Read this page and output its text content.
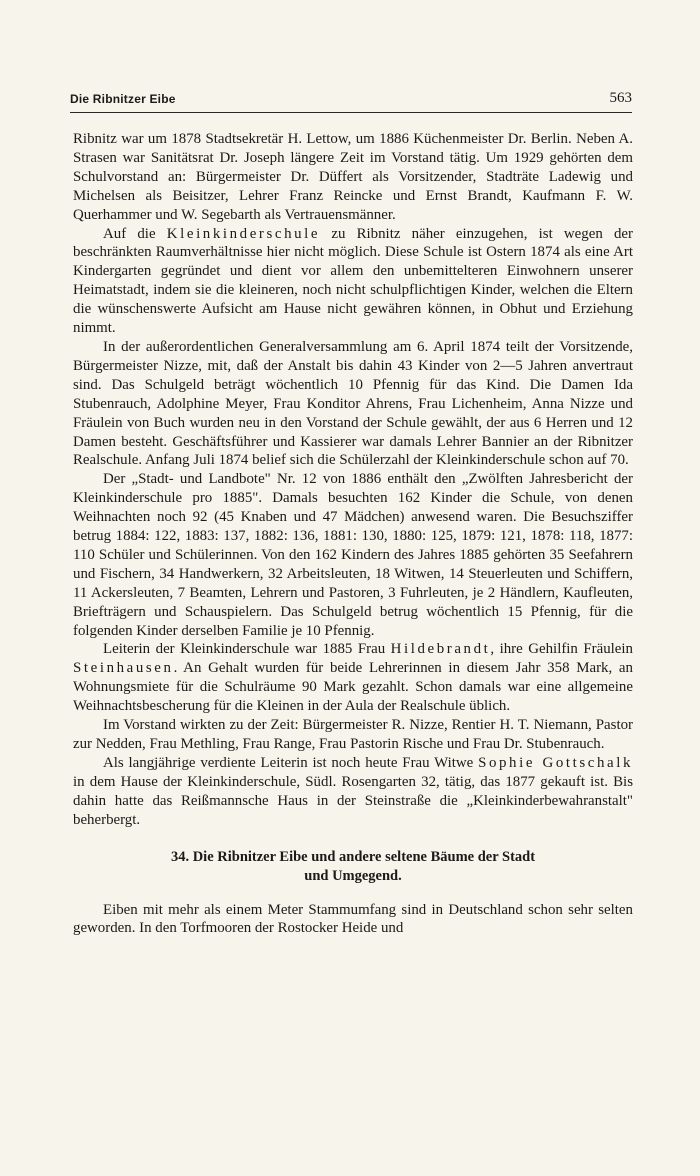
Die Ribnitzer Eibe	563

Ribnitz war um 1878 Stadtsekretär H. Lettow, um 1886 Küchenmeister Dr. Berlin. Neben A. Strasen war Sanitätsrat Dr. Joseph längere Zeit im Vorstand tätig. Um 1929 gehörten dem Schulvorstand an: Bürgermeister Dr. Düffert als Vorsitzender, Stadträte Ladewig und Michelsen als Beisitzer, Lehrer Franz Reincke und Ernst Brandt, Kaufmann F. W. Querhammer und W. Segebarth als Vertrauensmänner.

Auf die Kleinkinderschule zu Ribnitz näher einzugehen, ist wegen der beschränkten Raumverhältnisse hier nicht möglich. Diese Schule ist Ostern 1874 als eine Art Kindergarten gegründet und dient vor allem den unbemittelteren Einwohnern unserer Heimatstadt, indem sie die kleineren, noch nicht schulpflichtigen Kinder, welchen die Eltern die wünschenswerte Aufsicht am Hause nicht gewähren können, in Obhut und Erziehung nimmt.

In der außerordentlichen Generalversammlung am 6. April 1874 teilt der Vorsitzende, Bürgermeister Nizze, mit, daß der Anstalt bis dahin 43 Kinder von 2—5 Jahren anvertraut sind. Das Schulgeld beträgt wöchentlich 10 Pfennig für das Kind. Die Damen Ida Stubenrauch, Adolphine Meyer, Frau Konditor Ahrens, Frau Lichenheim, Anna Nizze und Fräulein von Buch wurden neu in den Vorstand der Schule gewählt, der aus 6 Herren und 12 Damen besteht. Geschäftsführer und Kassierer war damals Lehrer Bannier an der Ribnitzer Realschule. Anfang Juli 1874 belief sich die Schülerzahl der Kleinkinderschule schon auf 70.

Der „Stadt- und Landbote" Nr. 12 von 1886 enthält den „Zwölften Jahresbericht der Kleinkinderschule pro 1885". Damals besuchten 162 Kinder die Schule, von denen Weihnachten noch 92 (45 Knaben und 47 Mädchen) anwesend waren. Die Besuchsziffer betrug 1884: 122, 1883: 137, 1882: 136, 1881: 130, 1880: 125, 1879: 121, 1878: 118, 1877: 110 Schüler und Schülerinnen. Von den 162 Kindern des Jahres 1885 gehörten 35 Seefahrern und Fischern, 34 Handwerkern, 32 Arbeitsleuten, 18 Witwen, 14 Steuerleuten und Schiffern, 11 Ackersleuten, 7 Beamten, Lehrern und Pastoren, 3 Fuhrleuten, je 2 Händlern, Kaufleuten, Briefträgern und Schauspielern. Das Schulgeld betrug wöchentlich 15 Pfennig, für die folgenden Kinder derselben Familie je 10 Pfennig.

Leiterin der Kleinkinderschule war 1885 Frau Hildebrandt, ihre Gehilfin Fräulein Steinhausen. An Gehalt wurden für beide Lehrerinnen in diesem Jahr 358 Mark, an Wohnungsmiete für die Schulräume 90 Mark gezahlt. Schon damals war eine allgemeine Weihnachtsbescherung für die Kleinen in der Aula der Realschule üblich.

Im Vorstand wirkten zu der Zeit: Bürgermeister R. Nizze, Rentier H. T. Niemann, Pastor zur Nedden, Frau Methling, Frau Range, Frau Pastorin Rische und Frau Dr. Stubenrauch.

Als langjährige verdiente Leiterin ist noch heute Frau Witwe Sophie Gottschalk in dem Hause der Kleinkinderschule, Südl. Rosengarten 32, tätig, das 1877 gekauft ist. Bis dahin hatte das Reißmannsche Haus in der Steinstraße die „Kleinkinderbewahranstalt" beherbergt.

34. Die Ribnitzer Eibe und andere seltene Bäume der Stadt
und Umgegend.

Eiben mit mehr als einem Meter Stammumfang sind in Deutschland schon sehr selten geworden. In den Torfmooren der Rostocker Heide und
